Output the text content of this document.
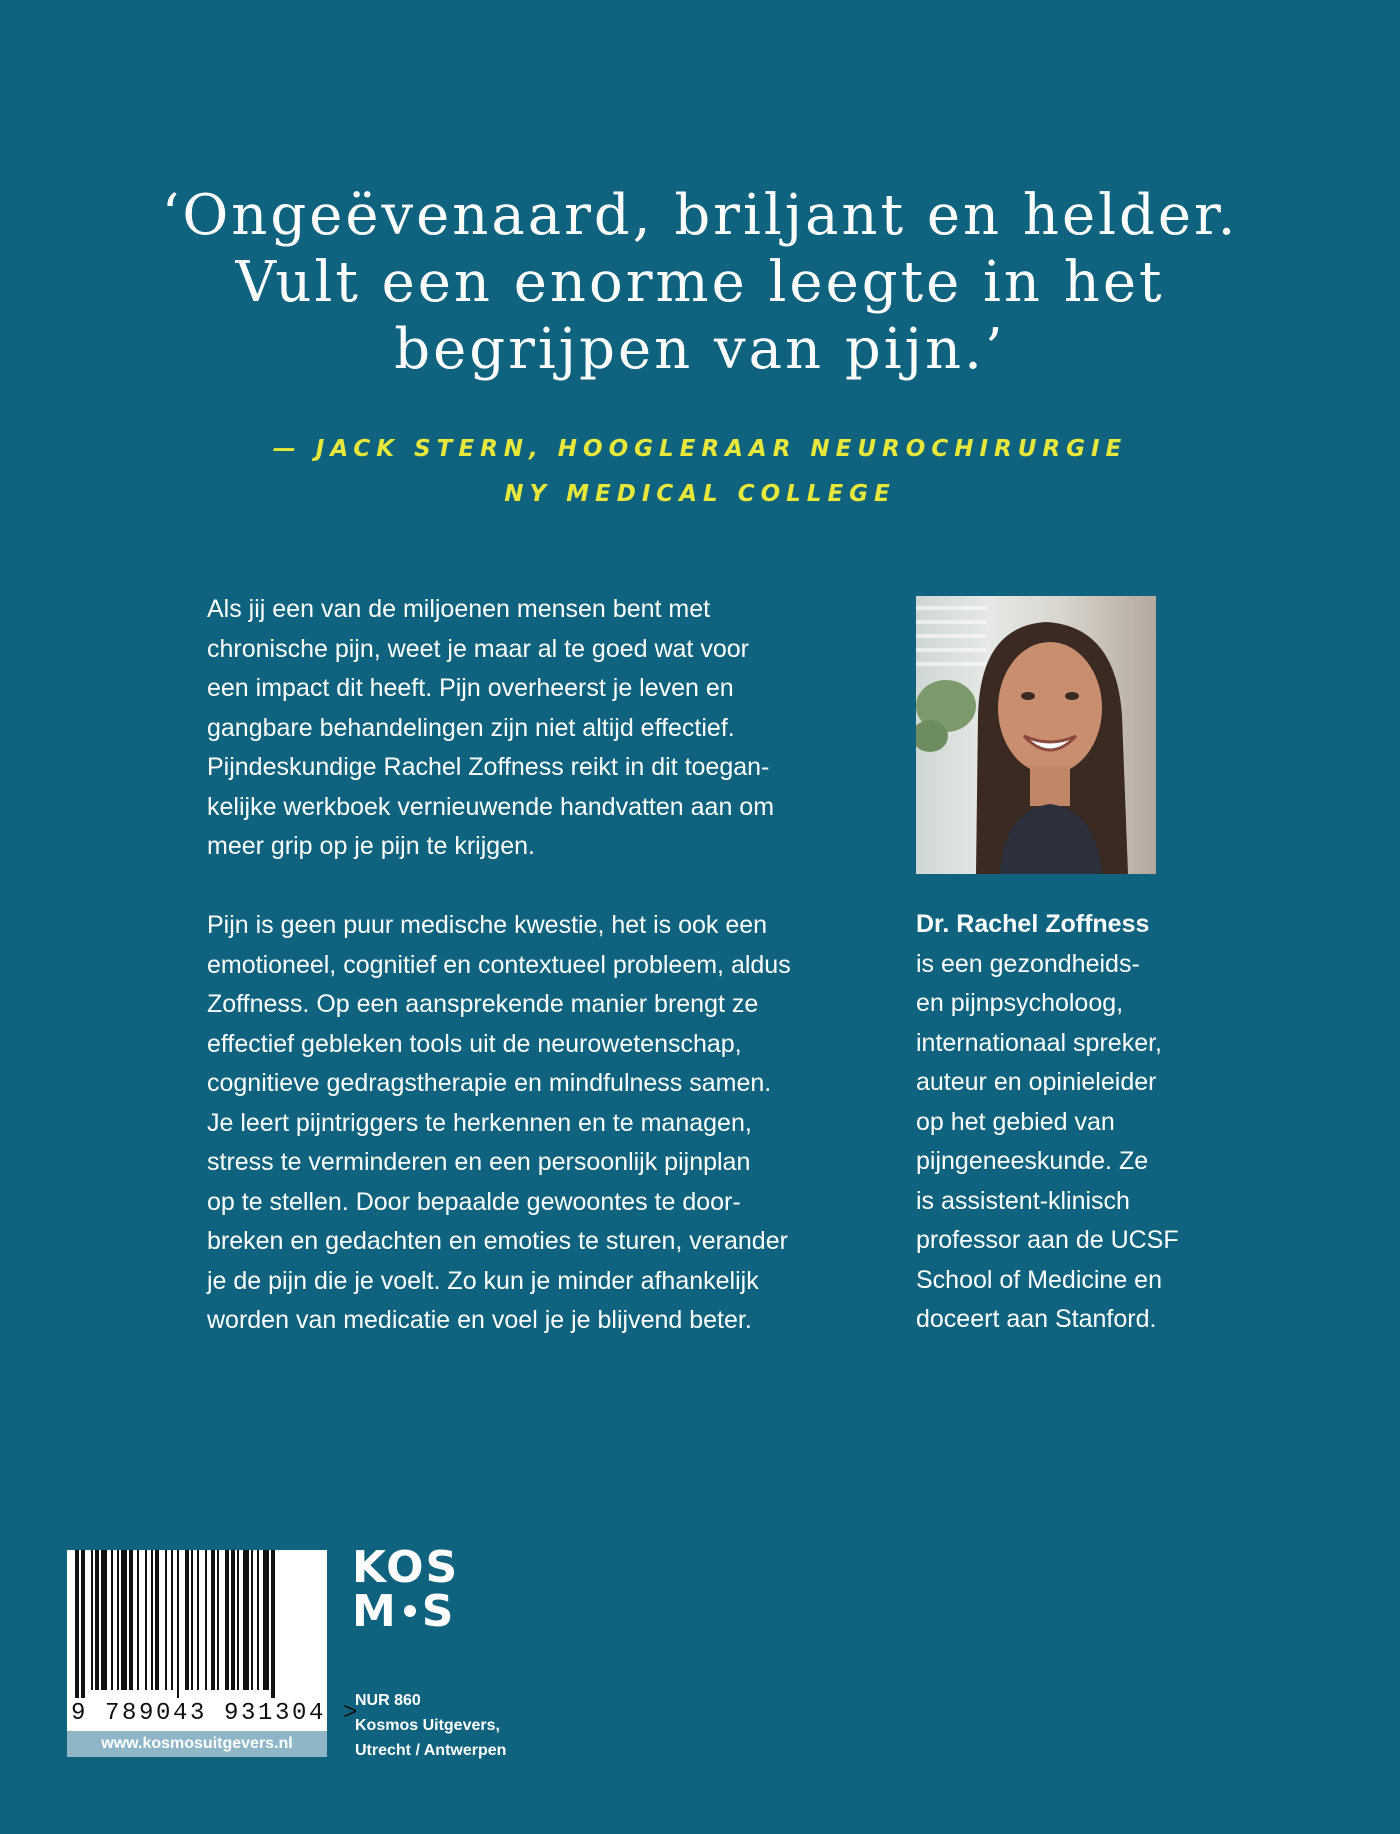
‘Ongeëvenaard, briljant en helder.
Vult een enorme leegte in het
begrijpen van pijn.’
— JACK STERN, HOOGLERAAR NEUROCHIRURGIE
NY MEDICAL COLLEGE
Als jij een van de miljoenen mensen bent met
chronische pijn, weet je maar al te goed wat voor
een impact dit heeft. Pijn overheerst je leven en
gangbare behandelingen zijn niet altijd effectief.
Pijndeskundige Rachel Zoffness reikt in dit toegan-
kelijke werkboek vernieuwende handvatten aan om
meer grip op je pijn te krijgen.
Pijn is geen puur medische kwestie, het is ook een
emotioneel, cognitief en contextueel probleem, aldus
Zoffness. Op een aansprekende manier brengt ze
effectief gebleken tools uit de neurowetenschap,
cognitieve gedragstherapie en mindfulness samen.
Je leert pijntriggers te herkennen en te managen,
stress te verminderen en een persoonlijk pijnplan
op te stellen. Door bepaalde gewoontes te door-
breken en gedachten en emoties te sturen, verander
je de pijn die je voelt. Zo kun je minder afhankelijk
worden van medicatie en voel je je blijvend beter.
Dr. Rachel Zoffness
is een gezondheids-
en pijnpsycholoog,
internationaal spreker,
auteur en opinieleider
op het gebied van
pijngeneeskunde. Ze
is assistent-klinisch
professor aan de UCSF
School of Medicine en
doceert aan Stanford.
9 789043 931304 >
www.kosmosuitgevers.nl
KOS
M S
NUR 860
Kosmos Uitgevers,
Utrecht / Antwerpen
